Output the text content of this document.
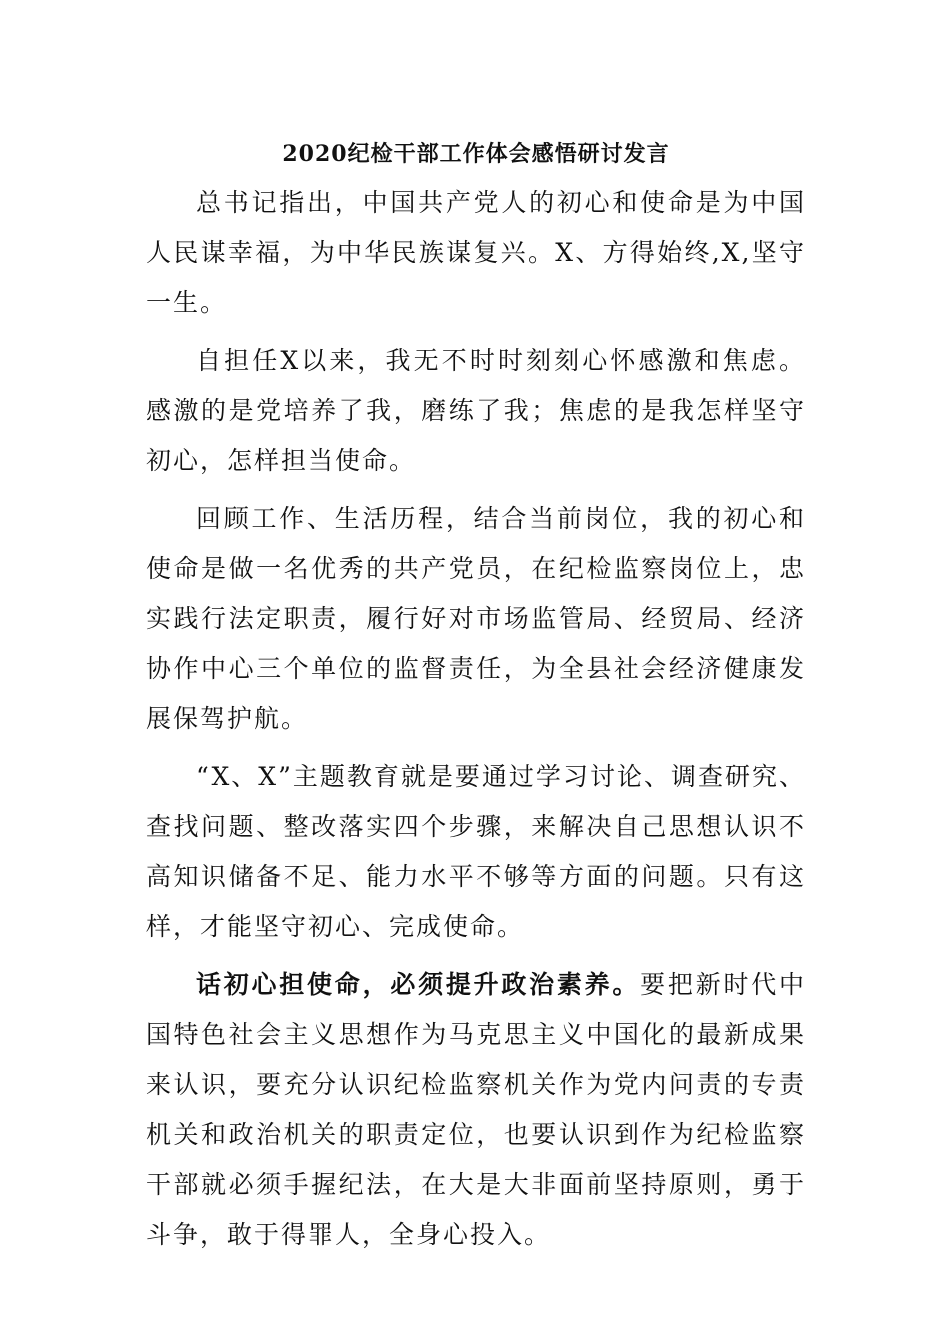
2020纪检干部工作体会感悟研讨发言

总书记指出，中国共产党人的初心和使命是为中国人民谋幸福，为中华民族谋复兴。X、方得始终,X,坚守一生。

自担任X以来，我无不时时刻刻心怀感激和焦虑。感激的是党培养了我，磨练了我；焦虑的是我怎样坚守初心，怎样担当使命。

回顾工作、生活历程，结合当前岗位，我的初心和使命是做一名优秀的共产党员，在纪检监察岗位上，忠实践行法定职责，履行好对市场监管局、经贸局、经济协作中心三个单位的监督责任，为全县社会经济健康发展保驾护航。

“X、X”主题教育就是要通过学习讨论、调查研究、查找问题、整改落实四个步骤，来解决自己思想认识不高知识储备不足、能力水平不够等方面的问题。只有这样，才能坚守初心、完成使命。

话初心担使命，必须提升政治素养。要把新时代中国特色社会主义思想作为马克思主义中国化的最新成果来认识，要充分认识纪检监察机关作为党内问责的专责机关和政治机关的职责定位，也要认识到作为纪检监察干部就必须手握纪法，在大是大非面前坚持原则，勇于斗争，敢于得罪人，全身心投入。
